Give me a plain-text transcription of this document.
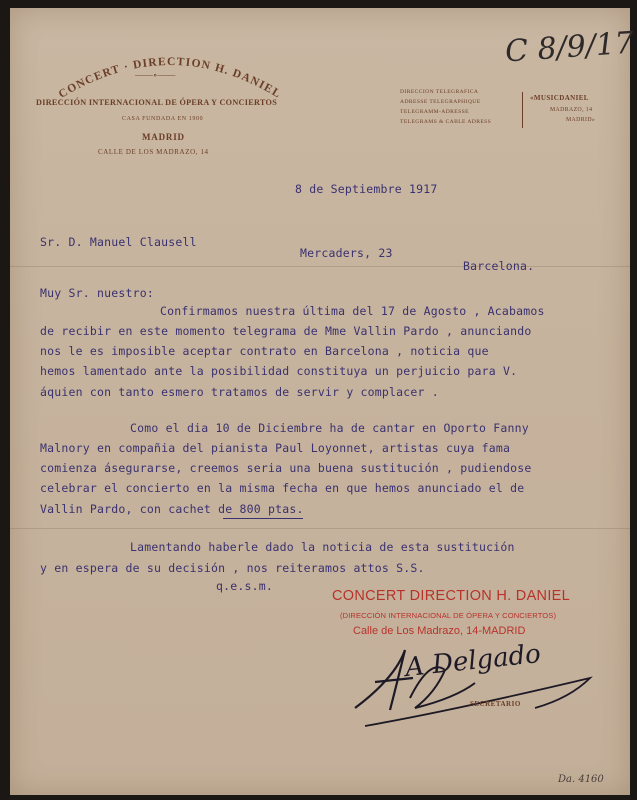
CONCERT · DIRECTION H. DANIEL
——∘——
DIRECCIÓN INTERNACIONAL DE ÓPERA Y CONCIERTOS
CASA FUNDADA EN 1900
MADRID
CALLE DE LOS MADRAZO, 14
DIRECCION TELEGRAFICA
ADRESSE TELEGRAPHIQUE
TELEGRAMM-ADRESSE
TELEGRAMS & CABLE ADRESS
«MUSICDANIEL
MADRAZO, 14
MADRID»
C 8/9/17
8 de Septiembre 1917
Sr. D. Manuel Clausell
Mercaders, 23
Barcelona.
Muy Sr. nuestro:
Confirmamos nuestra última del 17 de Agosto , Acabamos
de recibir en este momento telegrama de Mme Vallin Pardo , anunciando
nos le es imposible aceptar contrato en Barcelona , noticia que
hemos lamentado ante la posibilidad constituya un perjuicio para V.
áquien con tanto esmero tratamos de servir y complacer .
Como el dia 10 de Diciembre ha de cantar en Oporto Fanny
Malnory en compañia del pianista Paul Loyonnet, artistas cuya fama
comienza ásegurarse, creemos seria una buena sustitución , pudiendose
celebrar el concierto en la misma fecha en que hemos anunciado el de
Vallin Pardo, con cachet de 800 ptas.
Lamentando haberle dado la noticia de esta sustitución
y en espera de su decisión , nos reiteramos attos S.S.
q.e.s.m.
CONCERT DIRECTION H. DANIEL
(DIRECCIÓN INTERNACIONAL DE ÓPERA Y CONCIERTOS)
Calle de Los Madrazo, 14-MADRID
A Delgado
SECRETARIO
Da. 4160
